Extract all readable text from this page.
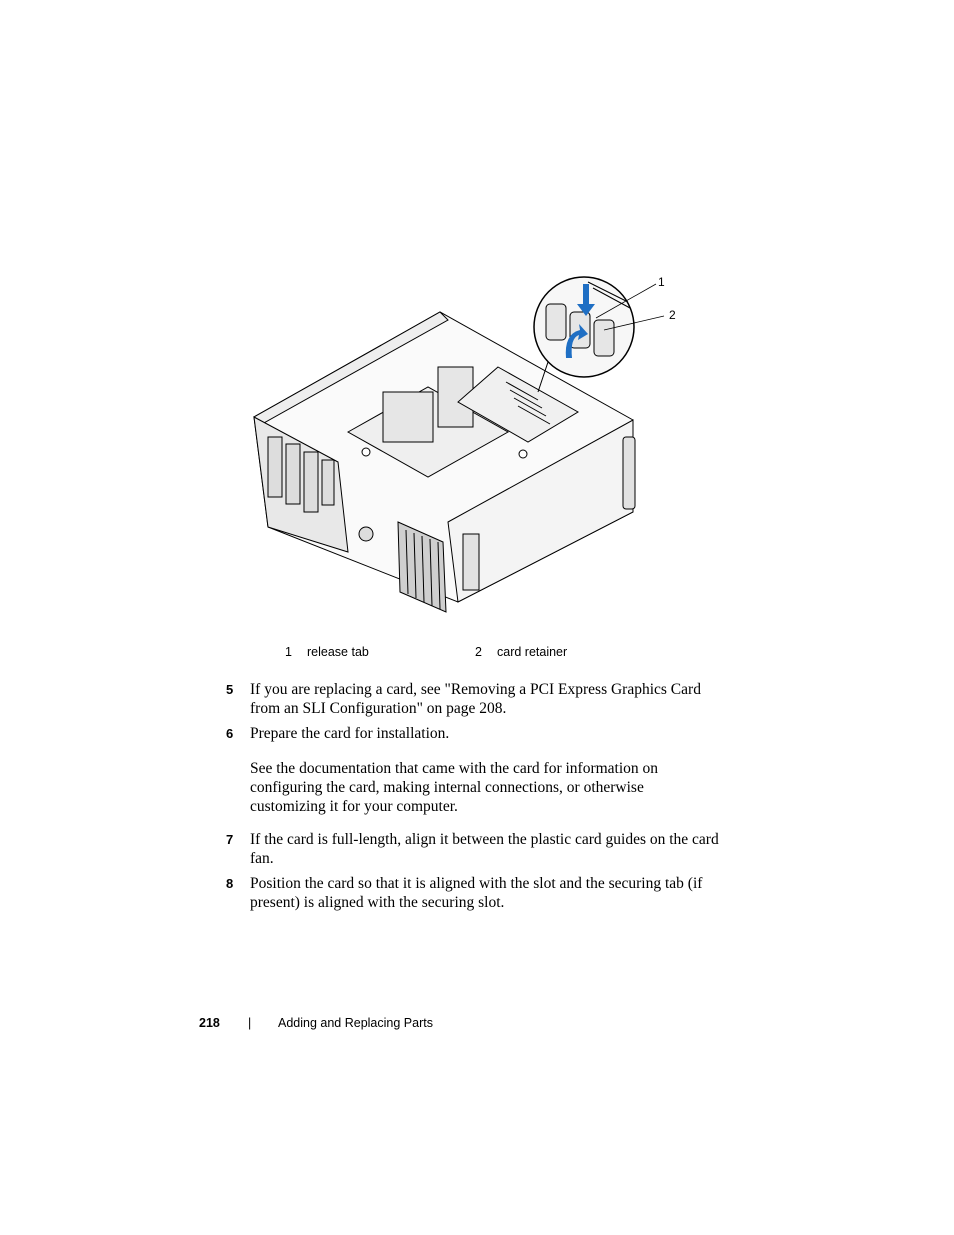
1
2
1 release tab	2 card retainer
5 If you are replacing a card, see "Removing a PCI Express Graphics Card from an SLI Configuration" on page 208.
6 Prepare the card for installation.
See the documentation that came with the card for information on configuring the card, making internal connections, or otherwise customizing it for your computer.
7 If the card is full-length, align it between the plastic card guides on the card fan.
8 Position the card so that it is aligned with the slot and the securing tab (if present) is aligned with the securing slot.
218 | Adding and Replacing Parts
